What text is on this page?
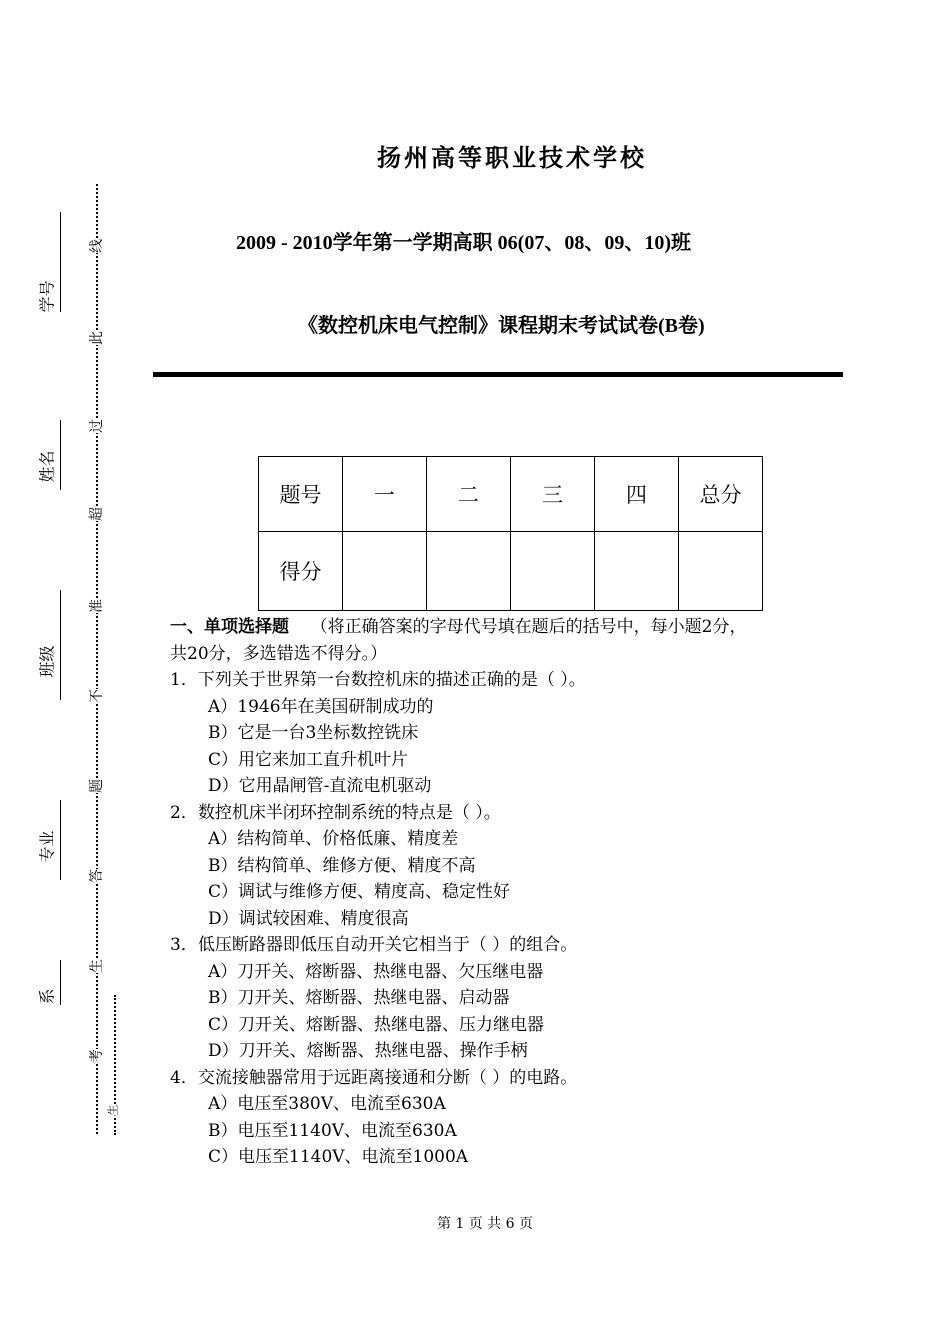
学号
姓名
班级
专业
系
线
此
过
超
准
不
题
答
生
考
生
扬州高等职业技术学校
2009 - 2010学年第一学期高职 06(07、08、09、10)班
《数控机床电气控制》课程期末考试试卷(B卷)
题号	一	二	三	四	总分
得分					
一、单项选择题 （将正确答案的字母代号填在题后的括号中，每小题2分，
共20分，多选错选不得分。）
1．下列关于世界第一台数控机床的描述正确的是（ ）。
A）1946年在美国研制成功的
B）它是一台3坐标数控铣床
C）用它来加工直升机叶片
D）它用晶闸管-直流电机驱动
2．数控机床半闭环控制系统的特点是（ ）。
A）结构简单、价格低廉、精度差
B）结构简单、维修方便、精度不高
C）调试与维修方便、精度高、稳定性好
D）调试较困难、精度很高
3．低压断路器即低压自动开关它相当于（ ）的组合。
A）刀开关、熔断器、热继电器、欠压继电器
B）刀开关、熔断器、热继电器、启动器
C）刀开关、熔断器、热继电器、压力继电器
D）刀开关、熔断器、热继电器、操作手柄
4．交流接触器常用于远距离接通和分断（ ）的电路。
A）电压至380V、电流至630A
B）电压至1140V、电流至630A
C）电压至1140V、电流至1000A
第 1 页 共 6 页
